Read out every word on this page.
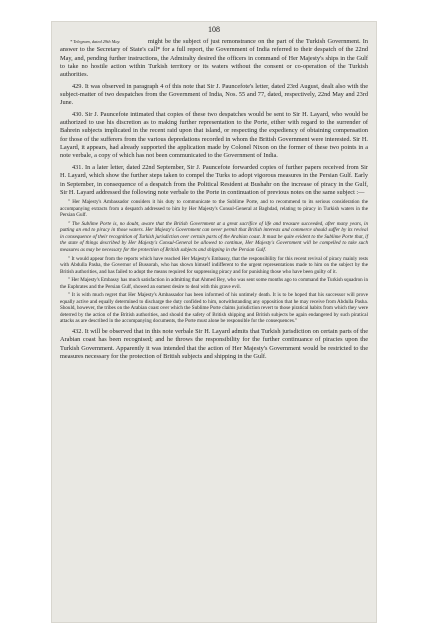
108
* Telegram, dated 29th May.	might be the subject of just remonstrance on the part of the Turkish Government. In answer to the Secretary of State's call* for a full report, the Government of India referred to their despatch of the 22nd May, and, pending further instructions, the Admiralty desired the officers in command of Her Majesty's ships in the Gulf to take no hostile action within Turkish territory or its waters without the consent or co-operation of the Turkish authorities.

429. It was observed in paragraph 4 of this note that Sir J. Pauncefote's letter, dated 23rd August, dealt also with the subject-matter of two despatches from the Government of India, Nos. 55 and 77, dated, respectively, 22nd May and 23rd June.

430. Sir J. Pauncefote intimated that copies of these two despatches would be sent to Sir H. Layard, who would be authorized to use his discretion as to making further representation to the Porte, either with regard to the surrender of Bahrein subjects implicated in the recent raid upon that island, or respecting the expediency of obtaining compensation for those of the sufferers from the various depredations recorded in whom the British Government were interested. Sir H. Layard, it appears, had already supported the application made by Colonel Nixon on the former of these two points in a note verbale, a copy of which has not been communicated to the Government of India.

431. In a later letter, dated 22nd September, Sir J. Pauncefote forwarded copies of further papers received from Sir H. Layard, which show the further steps taken to compel the Turks to adopt vigorous measures in the Persian Gulf. Early in September, in consequence of a despatch from the Political Resident at Bushahr on the increase of piracy in the Gulf, Sir H. Layard addressed the following note verbale to the Porte in continuation of previous notes on the same subject :—

" Her Majesty's Ambassador considers it his duty to communicate to the Sublime Porte, and to recommend to its serious consideration the accompanying extracts from a despatch addressed to him by Her Majesty's Consul-General at Baghdad, relating to piracy in Turkish waters in the Persian Gulf.

" The Sublime Porte is, no doubt, aware that the British Government at a great sacrifice of life and treasure succeeded, after many years, in putting an end to piracy in those waters. Her Majesty's Government can never permit that British interests and commerce should suffer by its revival in consequence of their recognition of Turkish jurisdiction over certain parts of the Arabian coast. It must be quite evident to the Sublime Porte that, if the state of things described by Her Majesty's Consul-General be allowed to continue, Her Majesty's Government will be compelled to take such measures as may be necessary for the protection of British subjects and shipping in the Persian Gulf.

" It would appear from the reports which have reached Her Majesty's Embassy, that the responsibility for this recent revival of piracy mainly rests with Abdulla Pasha, the Governor of Bussorah, who has shown himself indifferent to the urgent representations made to him on the subject by the British authorities, and has failed to adopt the means required for suppressing piracy and for punishing those who have been guilty of it.

" Her Majesty's Embassy has much satisfaction in admitting that Ahmed Bey, who was sent some months ago to command the Turkish squadron in the Euphrates and the Persian Gulf, showed an earnest desire to deal with this grave evil.

" It is with much regret that Her Majesty's Ambassador has been informed of his untimely death. It is to be hoped that his successor will prove equally active and equally determined to discharge the duty confided to him, notwithstanding any opposition that he may receive from Abdulla Pasha. Should, however, the tribes on the Arabian coast over which the Sublime Porte claims jurisdiction revert to those piratical habits from which they were deterred by the action of the British authorities, and should the safety of British shipping and British subjects be again endangered by such piratical attacks as are described in the accompanying documents, the Porte must alone be responsible for the consequences."

432. It will be observed that in this note verbale Sir H. Layard admits that Turkish jurisdiction on certain parts of the Arabian coast has been recognised; and he throws the responsibility for the further continuance of piracies upon the Turkish Government. Apparently it was intended that the action of Her Majesty's Government would be restricted to the measures necessary for the protection of British subjects and shipping in the Gulf.
